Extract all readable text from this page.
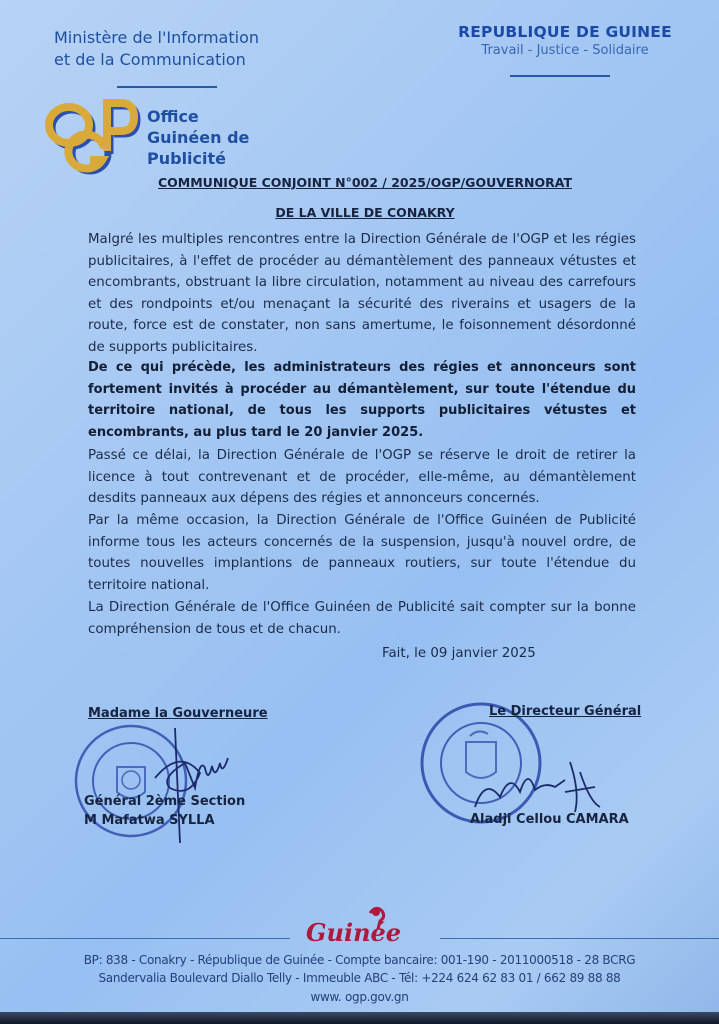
Ministère de l'Information
et de la Communication
REPUBLIQUE DE GUINEE
Travail - Justice - Solidaire
Office
Guinéen de
Publicité
COMMUNIQUE CONJOINT N°002 / 2025/OGP/GOUVERNORAT
DE LA VILLE DE CONAKRY
Malgré les multiples rencontres entre la Direction Générale de l'OGP et les régies publicitaires, à l'effet de procéder au démantèlement des panneaux vétustes et encombrants, obstruant la libre circulation, notamment au niveau des carrefours et des rondpoints et/ou menaçant la sécurité des riverains et usagers de la route, force est de constater, non sans amertume, le foisonnement désordonné de supports publicitaires.
De ce qui précède, les administrateurs des régies et annonceurs sont fortement invités à procéder au démantèlement, sur toute l'étendue du territoire national, de tous les supports publicitaires vétustes et encombrants, au plus tard le 20 janvier 2025.
Passé ce délai, la Direction Générale de l'OGP se réserve le droit de retirer la licence à tout contrevenant et de procéder, elle-même, au démantèlement desdits panneaux aux dépens des régies et annonceurs concernés.
Par la même occasion, la Direction Générale de l'Office Guinéen de Publicité informe tous les acteurs concernés de la suspension, jusqu'à nouvel ordre, de toutes nouvelles implantions de panneaux routiers, sur toute l'étendue du territoire national.
La Direction Générale de l'Office Guinéen de Publicité sait compter sur la bonne compréhension de tous et de chacun.
Fait, le 09 janvier 2025
Madame la Gouverneure
Général 2ème Section
M Mafatwa SYLLA
Le Directeur Général
Aladji Cellou CAMARA
Guinée
BP: 838 - Conakry - République de Guinée - Compte bancaire: 001-190 - 2011000518 - 28 BCRG
Sandervalia Boulevard Diallo Telly - Immeuble ABC - Tél: +224 624 62 83 01 / 662 89 88 88
www. ogp.gov.gn
